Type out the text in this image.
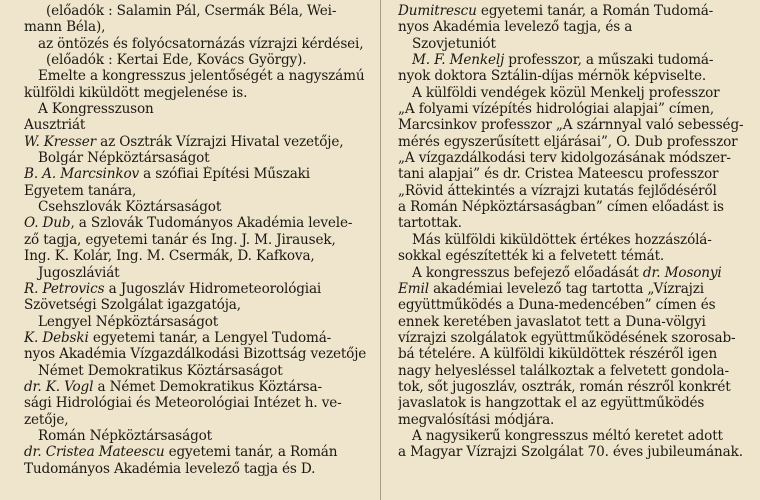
(előadók : Salamin Pál, Csermák Béla, Wei-
mann Béla),
az öntözés és folyócsatornázás vízrajzi kérdései,
(előadók : Kertai Ede, Kovács György).
Emelte a kongresszus jelentőségét a nagyszámú
külföldi kiküldött megjelenése is.
A Kongresszuson
Ausztriát
W. Kresser az Osztrák Vízrajzi Hivatal vezetője,
Bolgár Népköztársaságot
B. A. Marcsinkov a szófiai Építési Műszaki
Egyetem tanára,
Csehszlovák Köztársaságot
O. Dub, a Szlovák Tudományos Akadémia levele-
ző tagja, egyetemi tanár és Ing. J. M. Jirausek,
Ing. K. Kolár, Ing. M. Csermák, D. Kafkova,
Jugoszláviát
R. Petrovics a Jugoszláv Hidrometeorológiai
Szövetségi Szolgálat igazgatója,
Lengyel Népköztársaságot
K. Debski egyetemi tanár, a Lengyel Tudomá-
nyos Akadémia Vízgazdálkodási Bizottság vezetője
Német Demokratikus Köztársaságot
dr. K. Vogl a Német Demokratikus Köztársa-
sági Hidrológiai és Meteorológiai Intézet h. ve-
zetője,
Román Népköztársaságot
dr. Cristea Mateescu egyetemi tanár, a Román
Tudományos Akadémia levelező tagja és D.
Dumitrescu egyetemi tanár, a Román Tudomá-
nyos Akadémia levelező tagja, és a
Szovjetuniót
M. F. Menkelj professzor, a műszaki tudomá-
nyok doktora Sztálin-díjas mérnök képviselte.
A külföldi vendégek közül Menkelj professzor
„A folyami vízépítés hidrológiai alapjai” címen,
Marcsinkov professzor „A szárnnyal való sebesség-
mérés egyszerűsített eljárásai”, O. Dub professzor
„A vízgazdálkodási terv kidolgozásának módszer-
tani alapjai” és dr. Cristea Mateescu professzor
„Rövid áttekintés a vízrajzi kutatás fejlődéséről
a Román Népköztársaságban” címen előadást is
tartottak.
Más külföldi kiküldöttek értékes hozzászólá-
sokkal egészítették ki a felvetett témát.
A kongresszus befejező előadását dr. Mosonyi
Emil akadémiai levelező tag tartotta „Vízrajzi
együttműködés a Duna-medencében” címen és
ennek keretében javaslatot tett a Duna-völgyi
vízrajzi szolgálatok együttműködésének szorosab-
bá tételére. A külföldi kiküldöttek részéről igen
nagy helyesléssel találkoztak a felvetett gondola-
tok, sőt jugoszláv, osztrák, román részről konkrét
javaslatok is hangzottak el az együttműködés
megvalósítási módjára.
A nagysikerű kongresszus méltó keretet adott
a Magyar Vízrajzi Szolgálat 70. éves jubileumának.
